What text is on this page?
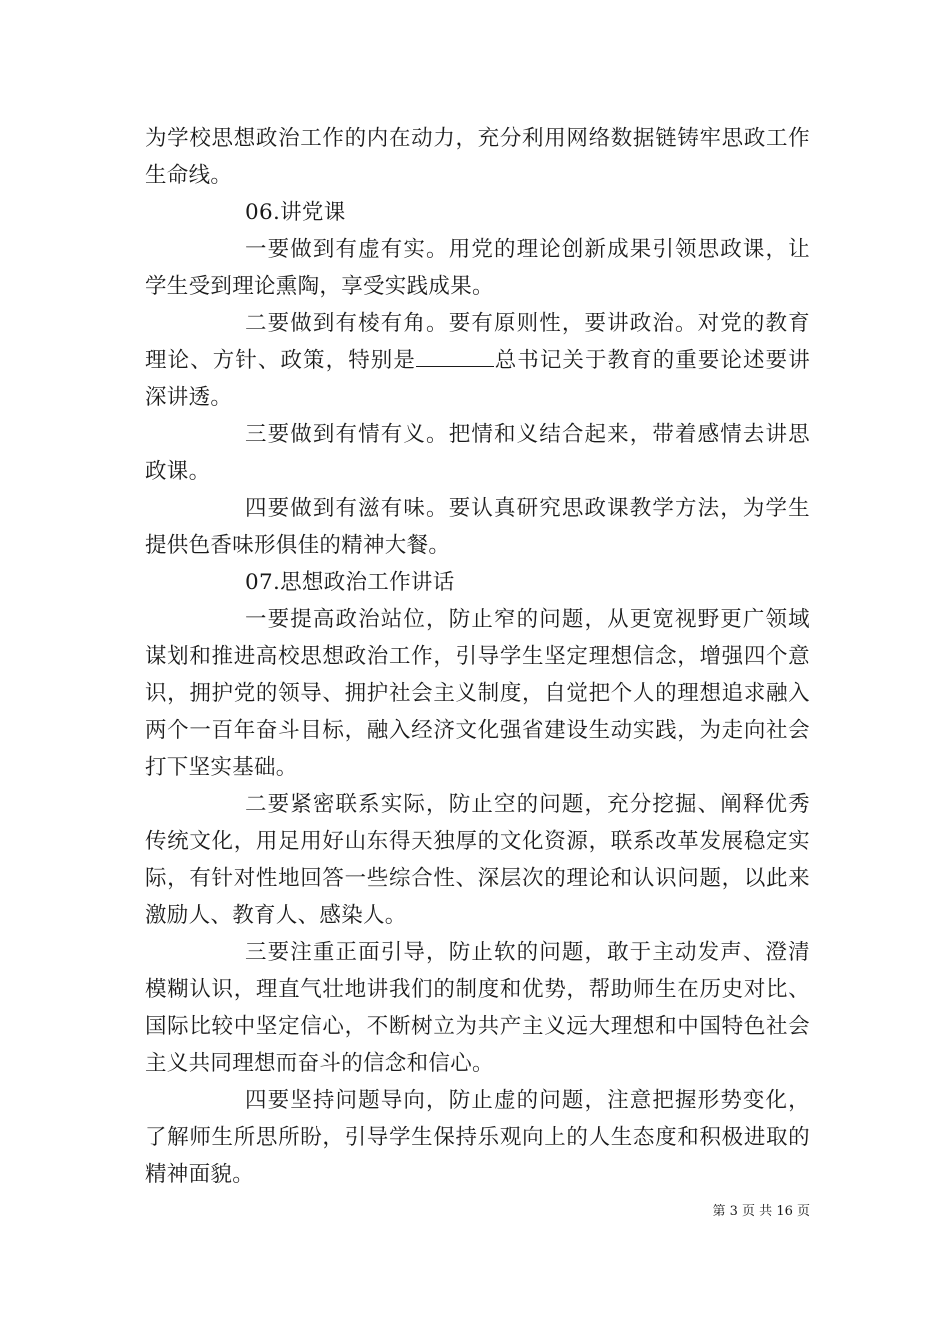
为学校思想政治工作的内在动力，充分利用网络数据链铸牢思政工作生命线。

06.讲党课

一要做到有虚有实。用党的理论创新成果引领思政课，让学生受到理论熏陶，享受实践成果。

二要做到有棱有角。要有原则性，要讲政治。对党的教育理论、方针、政策，特别是	总书记关于教育的重要论述要讲深讲透。

三要做到有情有义。把情和义结合起来，带着感情去讲思政课。

四要做到有滋有味。要认真研究思政课教学方法，为学生提供色香味形俱佳的精神大餐。

07.思想政治工作讲话

一要提高政治站位，防止窄的问题，从更宽视野更广领域谋划和推进高校思想政治工作，引导学生坚定理想信念，增强四个意识，拥护党的领导、拥护社会主义制度，自觉把个人的理想追求融入两个一百年奋斗目标，融入经济文化强省建设生动实践，为走向社会打下坚实基础。

二要紧密联系实际，防止空的问题，充分挖掘、阐释优秀传统文化，用足用好山东得天独厚的文化资源，联系改革发展稳定实际，有针对性地回答一些综合性、深层次的理论和认识问题，以此来激励人、教育人、感染人。

三要注重正面引导，防止软的问题，敢于主动发声、澄清模糊认识，理直气壮地讲我们的制度和优势，帮助师生在历史对比、国际比较中坚定信心，不断树立为共产主义远大理想和中国特色社会主义共同理想而奋斗的信念和信心。

四要坚持问题导向，防止虚的问题，注意把握形势变化，了解师生所思所盼，引导学生保持乐观向上的人生态度和积极进取的精神面貌。

第 3 页 共 16 页
